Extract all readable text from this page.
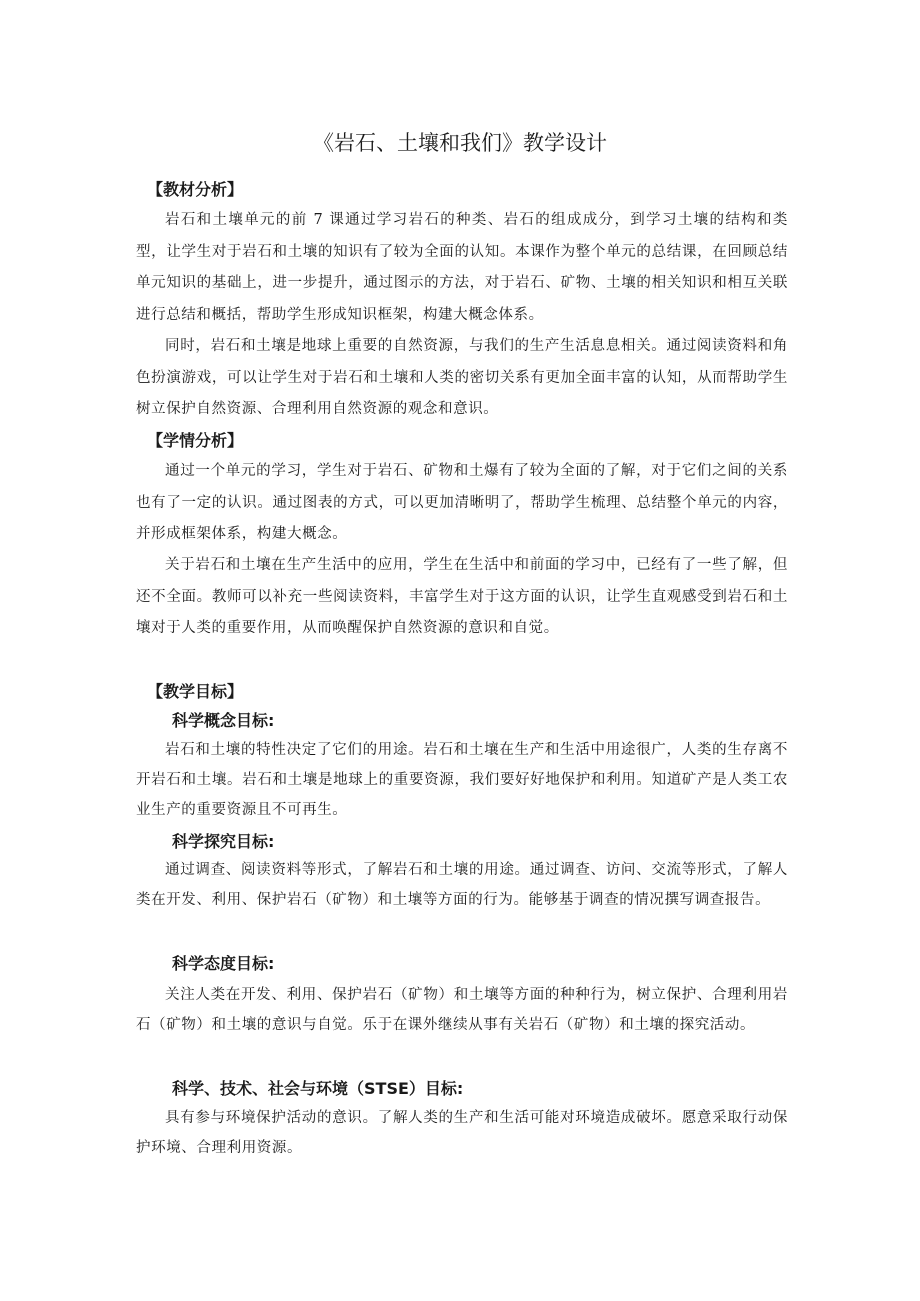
《岩石、土壤和我们》教学设计
【教材分析】

岩石和土壤单元的前 7 课通过学习岩石的种类、岩石的组成成分，到学习土壤的结构和类型，让学生对于岩石和土壤的知识有了较为全面的认知。本课作为整个单元的总结课，在回顾总结单元知识的基础上，进一步提升，通过图示的方法，对于岩石、矿物、土壤的相关知识和相互关联进行总结和概括，帮助学生形成知识框架，构建大概念体系。

同时，岩石和土壤是地球上重要的自然资源，与我们的生产生活息息相关。通过阅读资料和角色扮演游戏，可以让学生对于岩石和土壤和人类的密切关系有更加全面丰富的认知，从而帮助学生树立保护自然资源、合理利用自然资源的观念和意识。

【学情分析】

通过一个单元的学习，学生对于岩石、矿物和土爆有了较为全面的了解，对于它们之间的关系也有了一定的认识。通过图表的方式，可以更加清晰明了，帮助学生梳理、总结整个单元的内容，并形成框架体系，构建大概念。

关于岩石和土壤在生产生活中的应用，学生在生活中和前面的学习中，已经有了一些了解，但还不全面。教师可以补充一些阅读资料，丰富学生对于这方面的认识，让学生直观感受到岩石和土壤对于人类的重要作用，从而唤醒保护自然资源的意识和自觉。

【教学目标】
科学概念目标:

岩石和土壤的特性决定了它们的用途。岩石和土壤在生产和生活中用途很广，人类的生存离不开岩石和土壤。岩石和土壤是地球上的重要资源，我们要好好地保护和利用。知道矿产是人类工农业生产的重要资源且不可再生。

科学探究目标:

通过调查、阅读资料等形式，了解岩石和土壤的用途。通过调查、访问、交流等形式，了解人类在开发、利用、保护岩石（矿物）和土壤等方面的行为。能够基于调查的情况撰写调查报告。

科学态度目标:

关注人类在开发、利用、保护岩石（矿物）和土壤等方面的种种行为，树立保护、合理利用岩石（矿物）和土壤的意识与自觉。乐于在课外继续从事有关岩石（矿物）和土壤的探究活动。

科学、技术、社会与环境（STSE）目标:

具有参与环境保护活动的意识。了解人类的生产和生活可能对环境造成破坏。愿意采取行动保护环境、合理利用资源。
